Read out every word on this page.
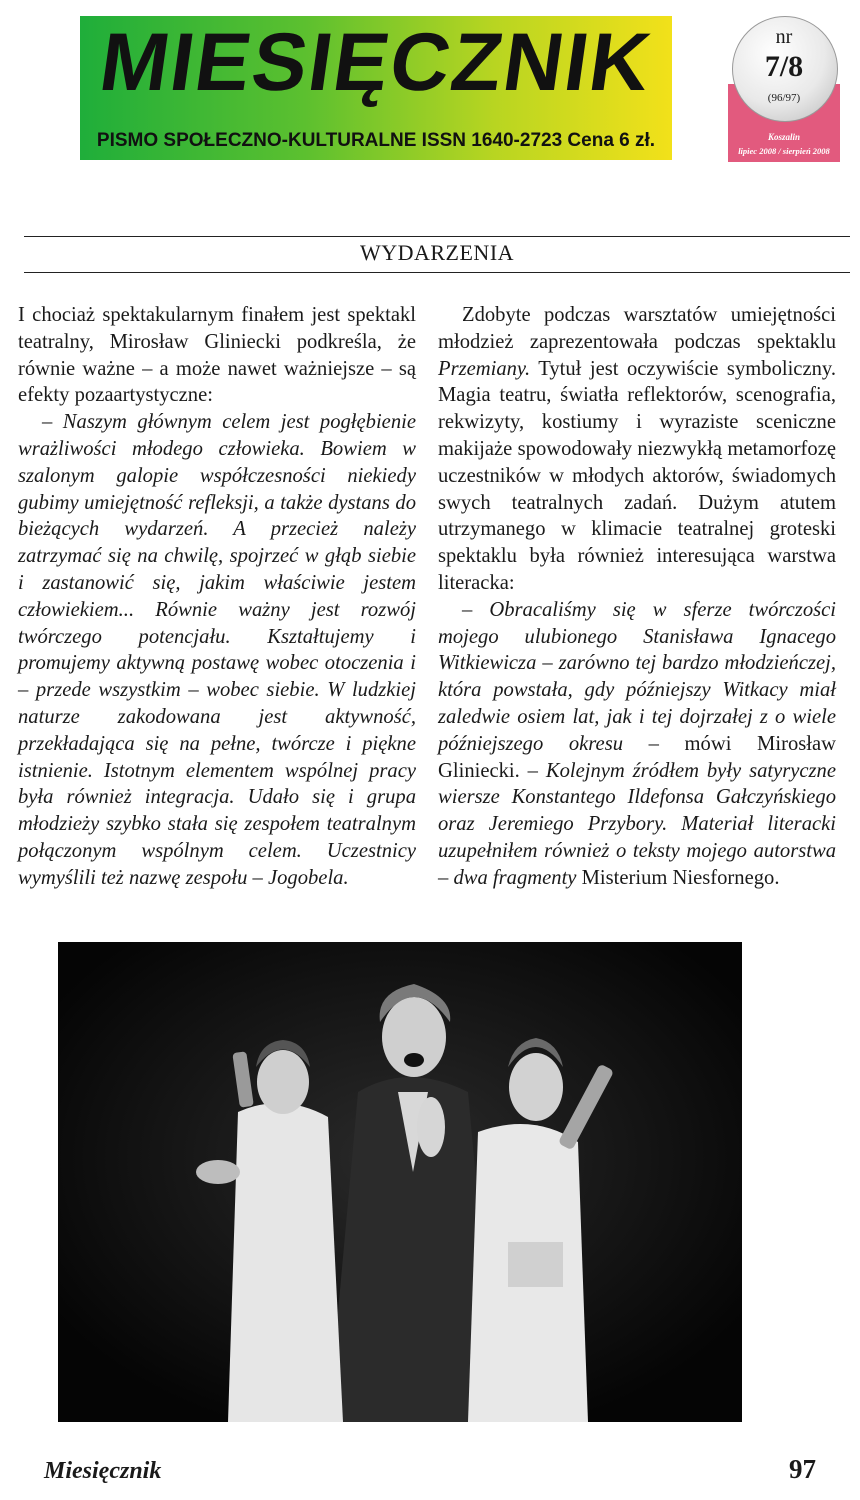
MIESIĘCZNIK
PISMO SPOŁECZNO-KULTURALNE ISSN 1640-2723 Cena 6 zł.
nr
7/8
(96/97)
Koszalin
lipiec 2008 / sierpień 2008
WYDARZENIA

I chociaż spektakularnym finałem jest spektakl teatralny, Mirosław Gliniecki podkreśla, że równie ważne – a może nawet ważniejsze – są efekty pozaartystyczne:

– Naszym głównym celem jest pogłębienie wrażliwości młodego człowieka. Bowiem w szalonym galopie współczesności niekiedy gubimy umiejętność refleksji, a także dystans do bieżących wydarzeń. A przecież należy zatrzymać się na chwilę, spojrzeć w głąb siebie i zastanowić się, jakim właściwie jestem człowiekiem... Równie ważny jest rozwój twórczego potencjału. Kształtujemy i promujemy aktywną postawę wobec otoczenia i – przede wszystkim – wobec siebie. W ludzkiej naturze zakodowana jest aktywność, przekładająca się na pełne, twórcze i piękne istnienie. Istotnym elementem wspólnej pracy była również integracja. Udało się i grupa młodzieży szybko stała się zespołem teatralnym połączonym wspólnym celem. Uczestnicy wymyślili też nazwę zespołu – Jogobela.

Zdobyte podczas warsztatów umiejętności młodzież zaprezentowała podczas spektaklu Przemiany. Tytuł jest oczywiście symboliczny. Magia teatru, światła reflektorów, scenografia, rekwizyty, kostiumy i wyraziste sceniczne makijaże spowodowały niezwykłą metamorfozę uczestników w młodych aktorów, świadomych swych teatralnych zadań. Dużym atutem utrzymanego w klimacie teatralnej groteski spektaklu była również interesująca warstwa literacka:

– Obracaliśmy się w sferze twórczości mojego ulubionego Stanisława Ignacego Witkiewicza – zarówno tej bardzo młodzieńczej, która powstała, gdy późniejszy Witkacy miał zaledwie osiem lat, jak i tej dojrzałej z o wiele późniejszego okresu – mówi Mirosław Gliniecki. – Kolejnym źródłem były satyryczne wiersze Konstantego Ildefonsa Gałczyńskiego oraz Jeremiego Przybory. Materiał literacki uzupełniłem również o teksty mojego autorstwa – dwa fragmenty Misterium Niesfornego.

Miesięcznik	97
